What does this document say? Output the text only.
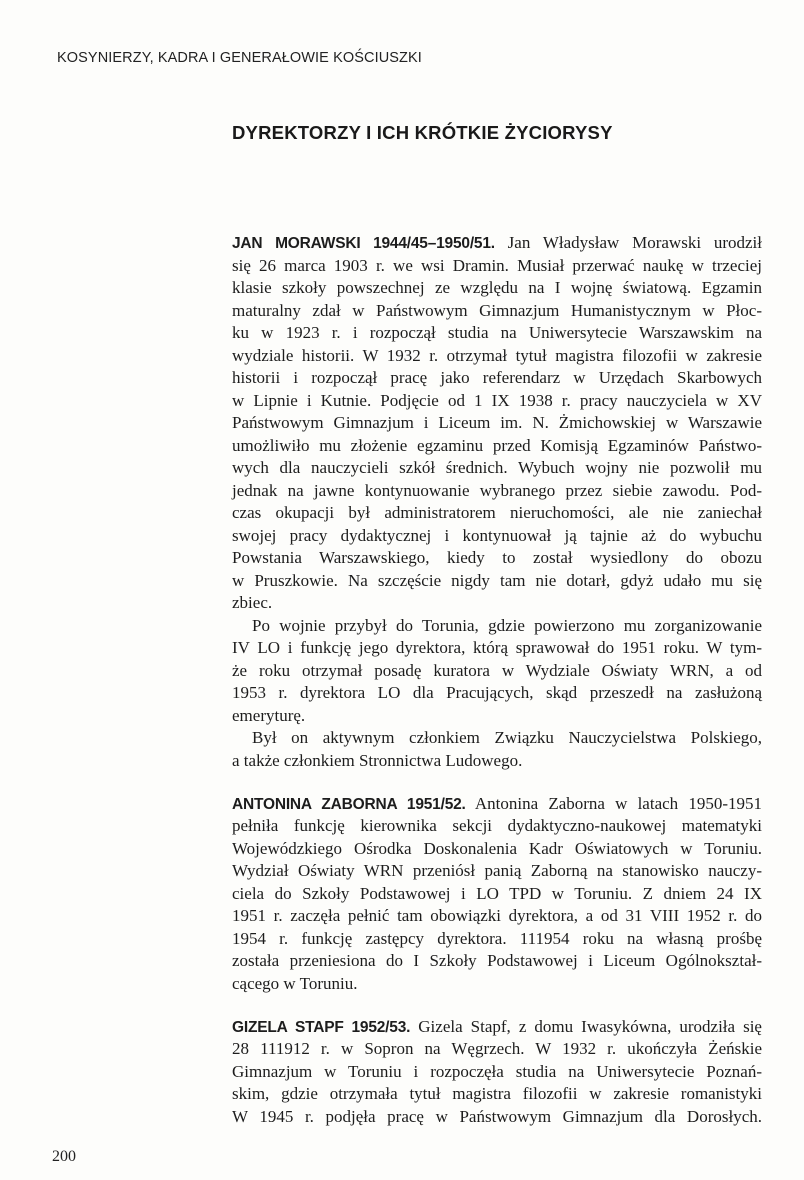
KOSYNIERZY, KADRA I GENERAŁOWIE KOŚCIUSZKI

DYREKTORZY I ICH KRÓTKIE ŻYCIORYSY
JAN MORAWSKI 1944/45–1950/51. Jan Władysław Morawski urodził
się 26 marca 1903 r. we wsi Dramin. Musiał przerwać naukę w trzeciej
klasie szkoły powszechnej ze względu na I wojnę światową. Egzamin
maturalny zdał w Państwowym Gimnazjum Humanistycznym w Płoc-
ku w 1923 r. i rozpoczął studia na Uniwersytecie Warszawskim na
wydziale historii. W 1932 r. otrzymał tytuł magistra filozofii w zakresie
historii i rozpoczął pracę jako referendarz w Urzędach Skarbowych
w Lipnie i Kutnie. Podjęcie od 1 IX 1938 r. pracy nauczyciela w XV
Państwowym Gimnazjum i Liceum im. N. Żmichowskiej w Warszawie
umożliwiło mu złożenie egzaminu przed Komisją Egzaminów Państwo-
wych dla nauczycieli szkół średnich. Wybuch wojny nie pozwolił mu
jednak na jawne kontynuowanie wybranego przez siebie zawodu. Pod-
czas okupacji był administratorem nieruchomości, ale nie zaniechał
swojej pracy dydaktycznej i kontynuował ją tajnie aż do wybuchu
Powstania Warszawskiego, kiedy to został wysiedlony do obozu
w Pruszkowie. Na szczęście nigdy tam nie dotarł, gdyż udało mu się
zbiec.
Po wojnie przybył do Torunia, gdzie powierzono mu zorganizowanie
IV LO i funkcję jego dyrektora, którą sprawował do 1951 roku. W tym-
że roku otrzymał posadę kuratora w Wydziale Oświaty WRN, a od
1953 r. dyrektora LO dla Pracujących, skąd przeszedł na zasłużoną
emeryturę.
Był on aktywnym członkiem Związku Nauczycielstwa Polskiego,
a także członkiem Stronnictwa Ludowego.
ANTONINA ZABORNA 1951/52. Antonina Zaborna w latach 1950-1951
pełniła funkcję kierownika sekcji dydaktyczno-naukowej matematyki
Wojewódzkiego Ośrodka Doskonalenia Kadr Oświatowych w Toruniu.
Wydział Oświaty WRN przeniósł panią Zaborną na stanowisko nauczy-
ciela do Szkoły Podstawowej i LO TPD w Toruniu. Z dniem 24 IX
1951 r. zaczęła pełnić tam obowiązki dyrektora, a od 31 VIII 1952 r. do
1954 r. funkcję zastępcy dyrektora. 111954 roku na własną prośbę
została przeniesiona do I Szkoły Podstawowej i Liceum Ogólnokształ-
cącego w Toruniu.
GIZELA STAPF 1952/53. Gizela Stapf, z domu Iwasykówna, urodziła się
28 111912 r. w Sopron na Węgrzech. W 1932 r. ukończyła Żeńskie
Gimnazjum w Toruniu i rozpoczęła studia na Uniwersytecie Poznań-
skim, gdzie otrzymała tytuł magistra filozofii w zakresie romanistyki
W 1945 r. podjęła pracę w Państwowym Gimnazjum dla Dorosłych.

200
